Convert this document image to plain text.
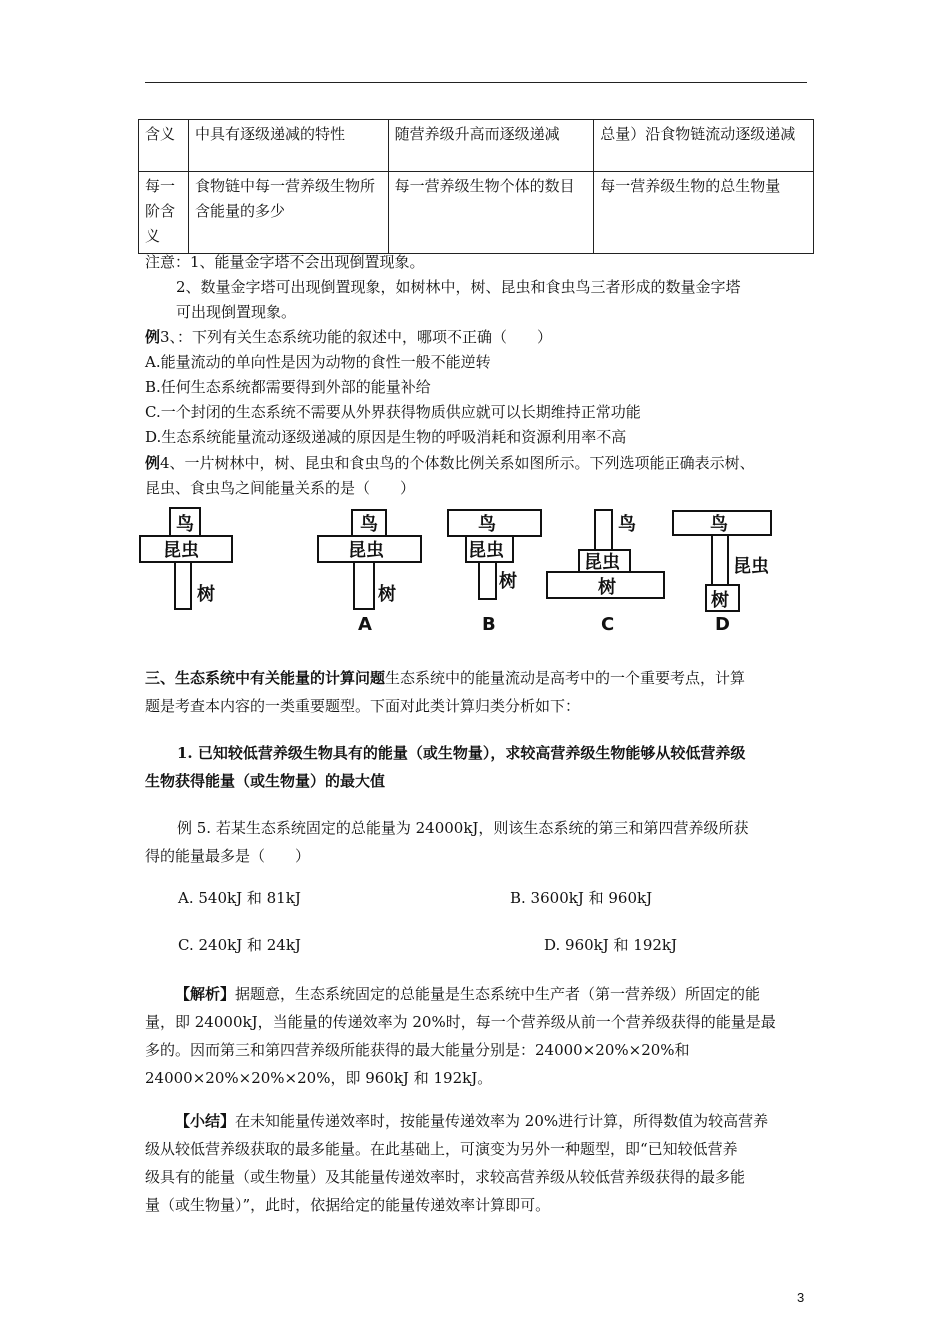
含义	中具有逐级递减的特性	随营养级升高而逐级递减	总量）沿食物链流动逐级递减
每一阶含义	食物链中每一营养级生物所含能量的多少	每一营养级生物个体的数目	每一营养级生物的总生物量
注意：1、能量金字塔不会出现倒置现象。
2、数量金字塔可出现倒置现象，如树林中，树、昆虫和食虫鸟三者形成的数量金字塔
可出现倒置现象。
例3、：下列有关生态系统功能的叙述中，哪项不正确（　　）
A.能量流动的单向性是因为动物的食性一般不能逆转
B.任何生态系统都需要得到外部的能量补给
C.一个封闭的生态系统不需要从外界获得物质供应就可以长期维持正常功能
D.生态系统能量流动逐级递减的原因是生物的呼吸消耗和资源利用率不高
例4、一片树林中，树、昆虫和食虫鸟的个体数比例关系如图所示。下列选项能正确表示树、
昆虫、食虫鸟之间能量关系的是（　　）
鸟
昆虫
树
鸟
昆虫
树
A
鸟
昆虫
树
B
鸟
昆虫
树
C
鸟
昆虫
树
D
三、生态系统中有关能量的计算问题生态系统中的能量流动是高考中的一个重要考点，计算
题是考查本内容的一类重要题型。下面对此类计算归类分析如下：
1. 已知较低营养级生物具有的能量（或生物量），求较高营养级生物能够从较低营养级
生物获得能量（或生物量）的最大值
例 5. 若某生态系统固定的总能量为 24000kJ，则该生态系统的第三和第四营养级所获
得的能量最多是（　　）
A. 540kJ 和 81kJ	B. 3600kJ 和 960kJ
C. 240kJ 和 24kJ	D. 960kJ 和 192kJ
【解析】据题意，生态系统固定的总能量是生态系统中生产者（第一营养级）所固定的能
量，即 24000kJ，当能量的传递效率为 20%时，每一个营养级从前一个营养级获得的能量是最
多的。因而第三和第四营养级所能获得的最大能量分别是：24000×20%×20%和
24000×20%×20%×20%，即 960kJ 和 192kJ。
【小结】在未知能量传递效率时，按能量传递效率为 20%进行计算，所得数值为较高营养
级从较低营养级获取的最多能量。在此基础上，可演变为另外一种题型，即“已知较低营养
级具有的能量（或生物量）及其能量传递效率时，求较高营养级从较低营养级获得的最多能
量（或生物量）”，此时，依据给定的能量传递效率计算即可。
3
